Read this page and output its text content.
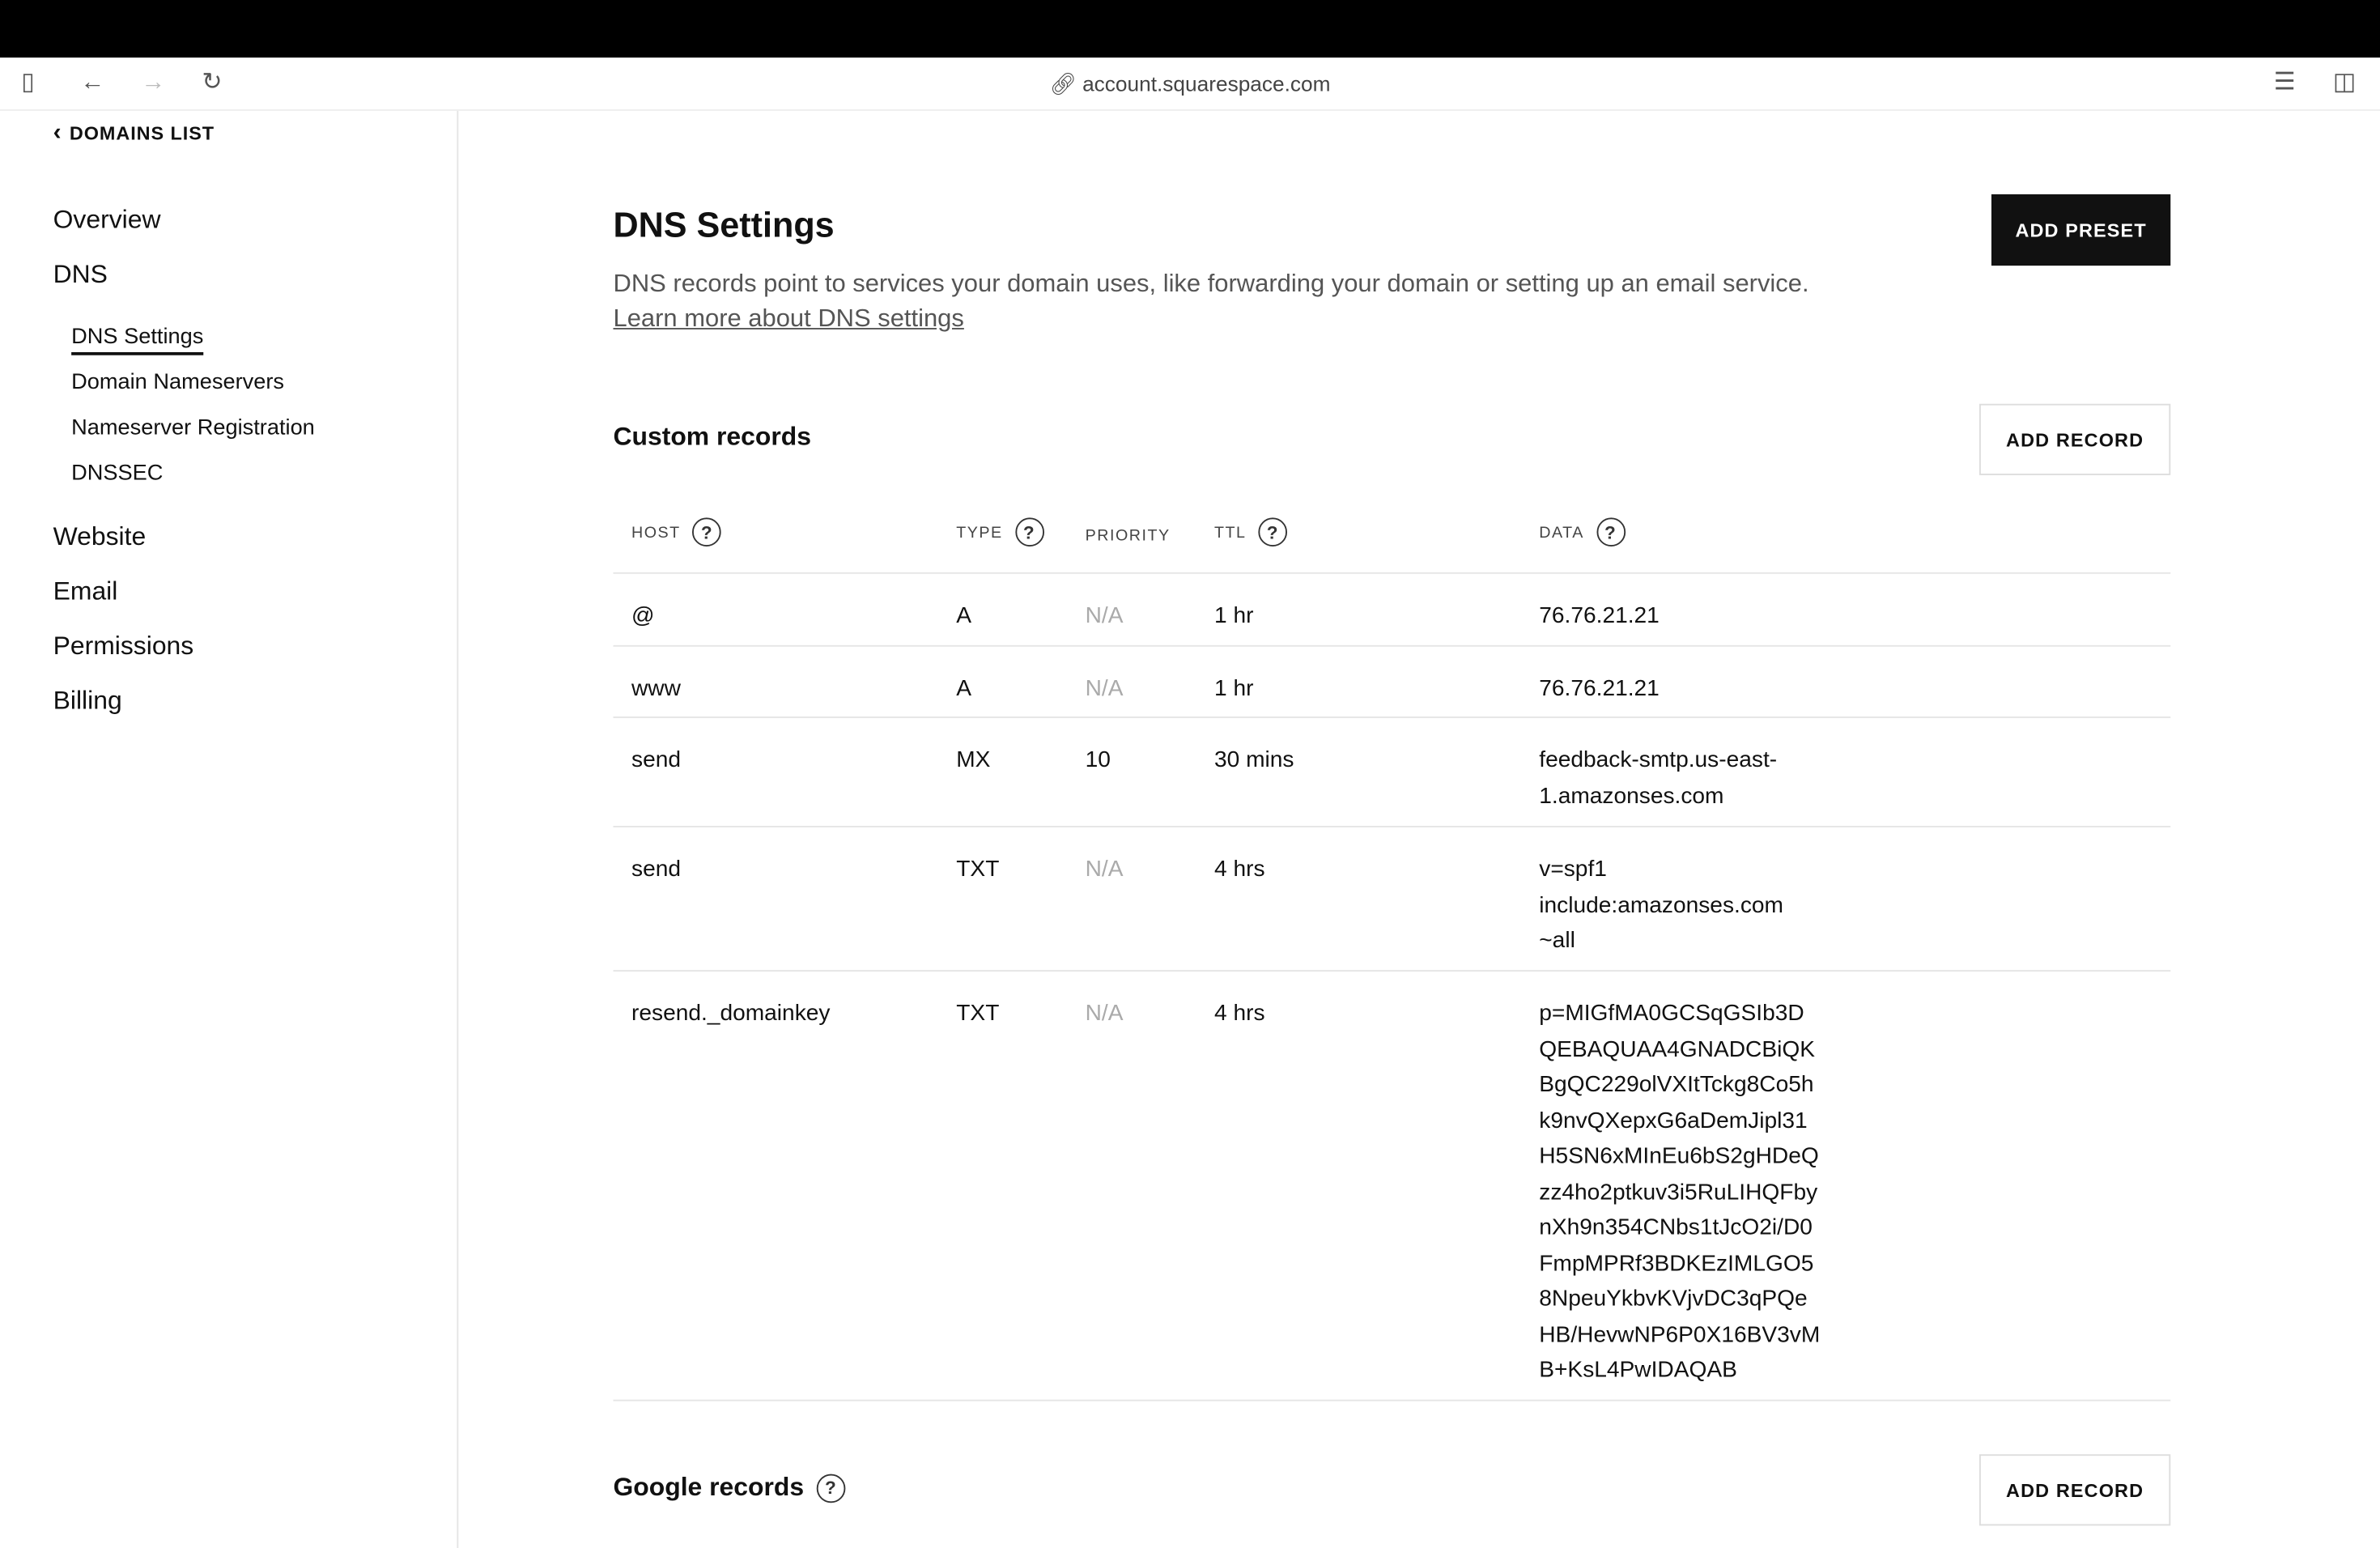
▯	←	→	↻	🔗︎ account.squarespace.com	☰	◫
‹ DOMAINS LIST
Overview
DNS
DNS Settings
Domain Nameservers
Nameserver Registration
DNSSEC
Website
Email
Permissions
Billing
DNS Settings	ADD PRESET
DNS records point to services your domain uses, like forwarding your domain or setting up an email service.
Learn more about DNS settings
Custom records	ADD RECORD
HOST	?	TYPE	?	PRIORITY	TTL	?	DATA	?
@	A	N/A	1 hr	76.76.21.21
www	A	N/A	1 hr	76.76.21.21
send	MX	10	30 mins	feedback-smtp.us-east-
1.amazonses.com
send	TXT	N/A	4 hrs	v=spf1
include:amazonses.com
~all
resend._domainkey	TXT	N/A	4 hrs	p=MIGfMA0GCSqGSIb3D
QEBAQUAA4GNADCBiQK
BgQC229olVXItTckg8Co5h
k9nvQXepxG6aDemJipl31
H5SN6xMInEu6bS2gHDeQ
zz4ho2ptkuv3i5RuLIHQFby
nXh9n354CNbs1tJcO2i/D0
FmpMPRf3BDKEzIMLGO5
8NpeuYkbvKVjvDC3qPQe
HB/HevwNP6P0X16BV3vM
B+KsL4PwIDAQAB
Google records	?	ADD RECORD
